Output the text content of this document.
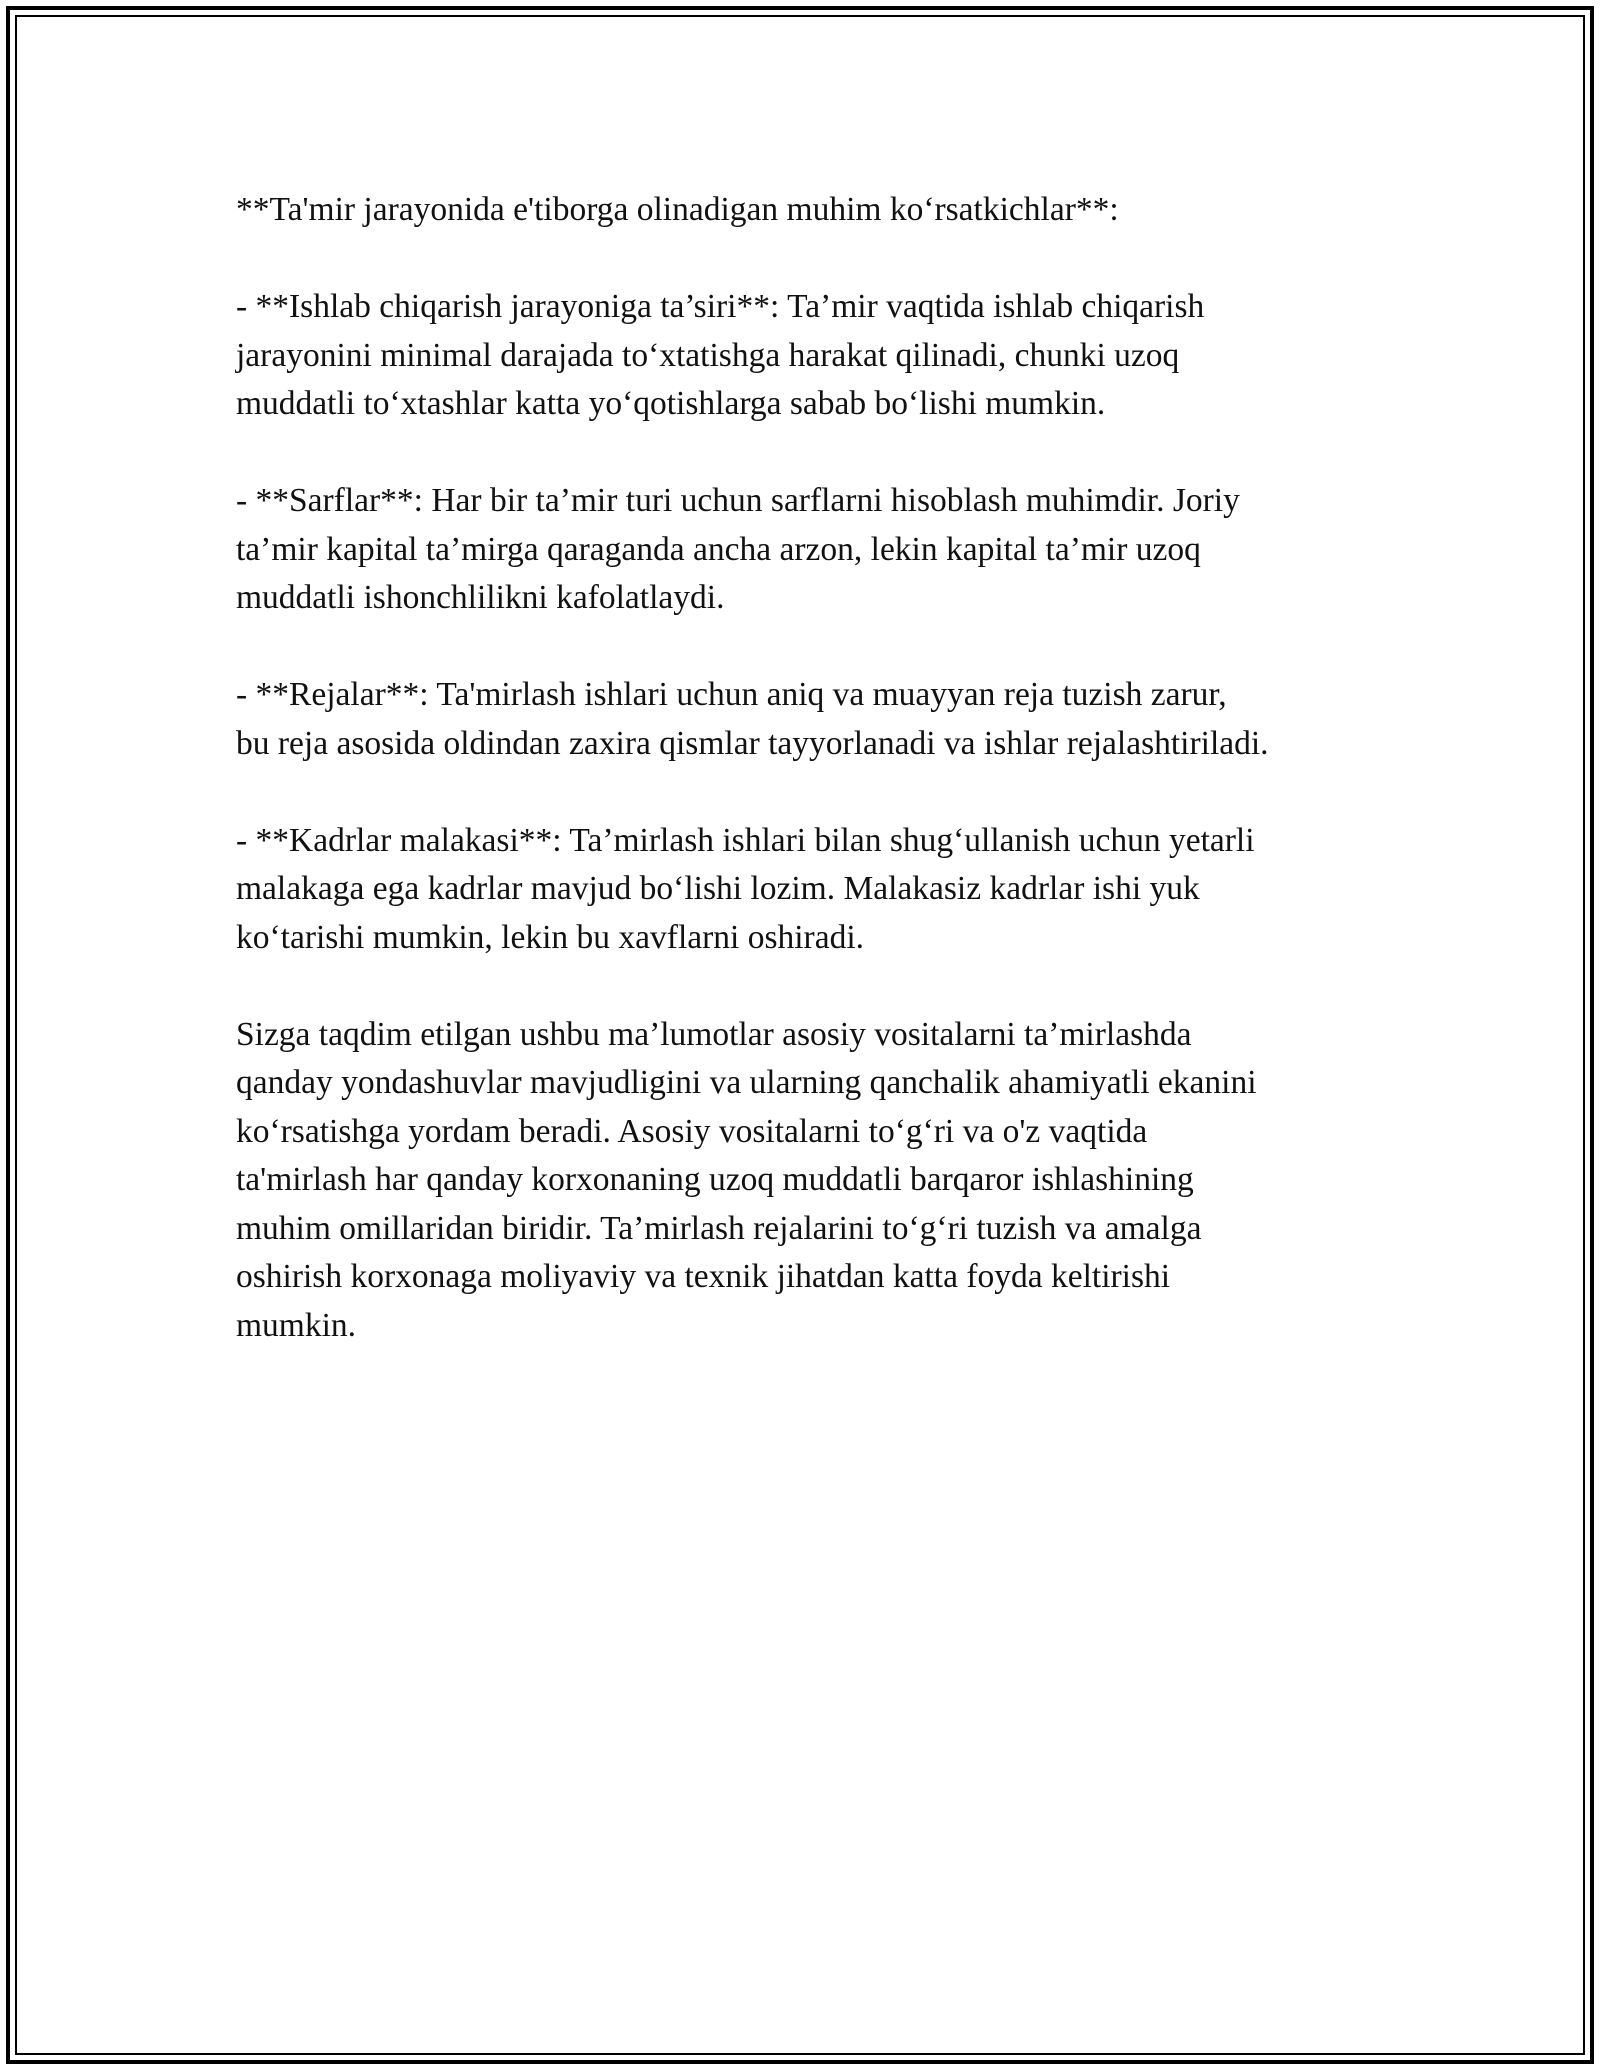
**Ta'mir jarayonida e'tiborga olinadigan muhim ko‘rsatkichlar**:

- **Ishlab chiqarish jarayoniga ta’siri**: Ta’mir vaqtida ishlab chiqarish
jarayonini minimal darajada to‘xtatishga harakat qilinadi, chunki uzoq
muddatli to‘xtashlar katta yo‘qotishlarga sabab bo‘lishi mumkin.

- **Sarflar**: Har bir ta’mir turi uchun sarflarni hisoblash muhimdir. Joriy
ta’mir kapital ta’mirga qaraganda ancha arzon, lekin kapital ta’mir uzoq
muddatli ishonchlilikni kafolatlaydi.

- **Rejalar**: Ta'mirlash ishlari uchun aniq va muayyan reja tuzish zarur,
bu reja asosida oldindan zaxira qismlar tayyorlanadi va ishlar rejalashtiriladi.

- **Kadrlar malakasi**: Ta’mirlash ishlari bilan shug‘ullanish uchun yetarli
malakaga ega kadrlar mavjud bo‘lishi lozim. Malakasiz kadrlar ishi yuk
ko‘tarishi mumkin, lekin bu xavflarni oshiradi.

Sizga taqdim etilgan ushbu ma’lumotlar asosiy vositalarni ta’mirlashda
qanday yondashuvlar mavjudligini va ularning qanchalik ahamiyatli ekanini
ko‘rsatishga yordam beradi. Asosiy vositalarni to‘g‘ri va o'z vaqtida
ta'mirlash har qanday korxonaning uzoq muddatli barqaror ishlashining
muhim omillaridan biridir. Ta’mirlash rejalarini to‘g‘ri tuzish va amalga
oshirish korxonaga moliyaviy va texnik jihatdan katta foyda keltirishi
mumkin.
